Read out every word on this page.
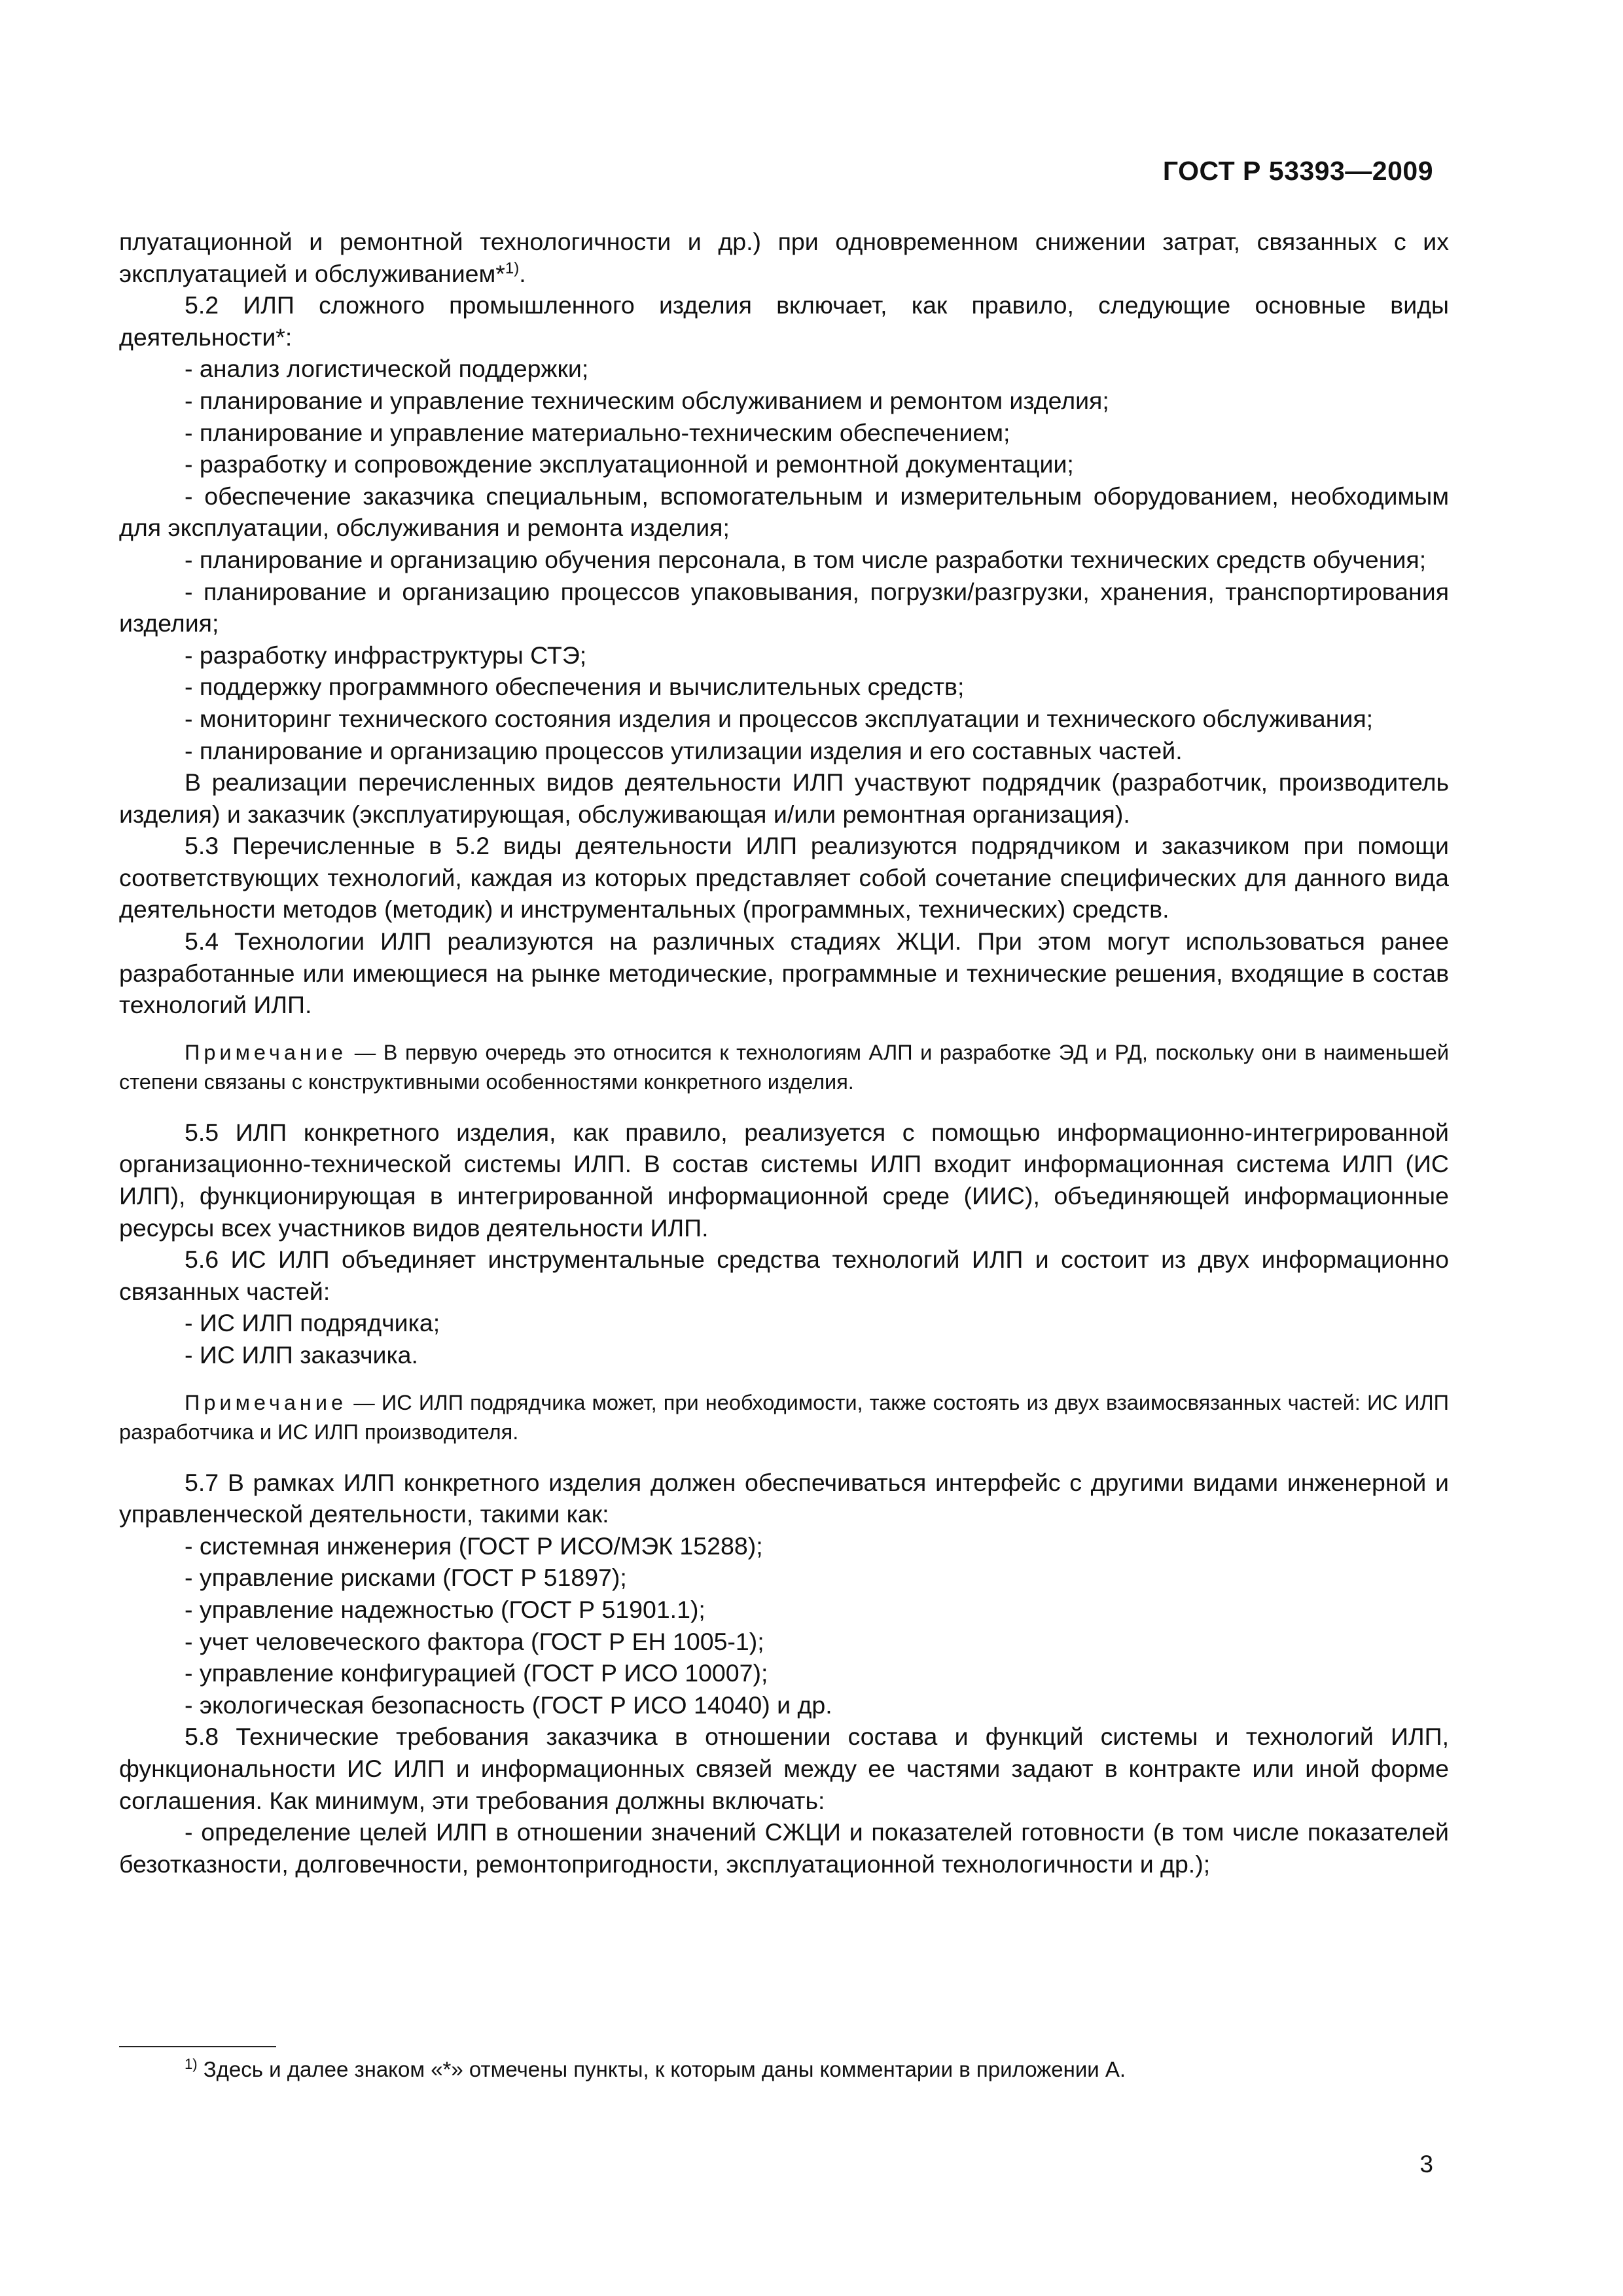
ГОСТ Р 53393—2009

плуатационной и ремонтной технологичности и др.) при одновременном снижении затрат, связанных с их эксплуатацией и обслуживанием*$^{1)}$.

5.2 ИЛП сложного промышленного изделия включает, как правило, следующие основные виды деятельности*:

- анализ логистической поддержки;

- планирование и управление техническим обслуживанием и ремонтом изделия;

- планирование и управление материально-техническим обеспечением;

- разработку и сопровождение эксплуатационной и ремонтной документации;

- обеспечение заказчика специальным, вспомогательным и измерительным оборудованием, необходимым для эксплуатации, обслуживания и ремонта изделия;

- планирование и организацию обучения персонала, в том числе разработки технических средств обучения;

- планирование и организацию процессов упаковывания, погрузки/разгрузки, хранения, транспортирования изделия;

- разработку инфраструктуры СТЭ;

- поддержку программного обеспечения и вычислительных средств;

- мониторинг технического состояния изделия и процессов эксплуатации и технического обслуживания;

- планирование и организацию процессов утилизации изделия и его составных частей.

В реализации перечисленных видов деятельности ИЛП участвуют подрядчик (разработчик, производитель изделия) и заказчик (эксплуатирующая, обслуживающая и/или ремонтная организация).

5.3 Перечисленные в 5.2 виды деятельности ИЛП реализуются подрядчиком и заказчиком при помощи соответствующих технологий, каждая из которых представляет собой сочетание специфических для данного вида деятельности методов (методик) и инструментальных (программных, технических) средств.

5.4 Технологии ИЛП реализуются на различных стадиях ЖЦИ. При этом могут использоваться ранее разработанные или имеющиеся на рынке методические, программные и технические решения, входящие в состав технологий ИЛП.

Примечание — В первую очередь это относится к технологиям АЛП и разработке ЭД и РД, поскольку они в наименьшей степени связаны с конструктивными особенностями конкретного изделия.

5.5 ИЛП конкретного изделия, как правило, реализуется с помощью информационно-интегрированной организационно-технической системы ИЛП. В состав системы ИЛП входит информационная система ИЛП (ИС ИЛП), функционирующая в интегрированной информационной среде (ИИС), объединяющей информационные ресурсы всех участников видов деятельности ИЛП.

5.6 ИС ИЛП объединяет инструментальные средства технологий ИЛП и состоит из двух информационно связанных частей:

- ИС ИЛП подрядчика;

- ИС ИЛП заказчика.

Примечание — ИС ИЛП подрядчика может, при необходимости, также состоять из двух взаимосвязанных частей: ИС ИЛП разработчика и ИС ИЛП производителя.

5.7 В рамках ИЛП конкретного изделия должен обеспечиваться интерфейс с другими видами инженерной и управленческой деятельности, такими как:

- системная инженерия (ГОСТ Р ИСО/МЭК 15288);

- управление рисками (ГОСТ Р 51897);

- управление надежностью (ГОСТ Р 51901.1);

- учет человеческого фактора (ГОСТ Р ЕН 1005-1);

- управление конфигурацией (ГОСТ Р ИСО 10007);

- экологическая безопасность (ГОСТ Р ИСО 14040) и др.

5.8 Технические требования заказчика в отношении состава и функций системы и технологий ИЛП, функциональности ИС ИЛП и информационных связей между ее частями задают в контракте или иной форме соглашения. Как минимум, эти требования должны включать:

- определение целей ИЛП в отношении значений СЖЦИ и показателей готовности (в том числе показателей безотказности, долговечности, ремонтопригодности, эксплуатационной технологичности и др.);

$^{1)}$ Здесь и далее знаком «*» отмечены пункты, к которым даны комментарии в приложении А.
3
